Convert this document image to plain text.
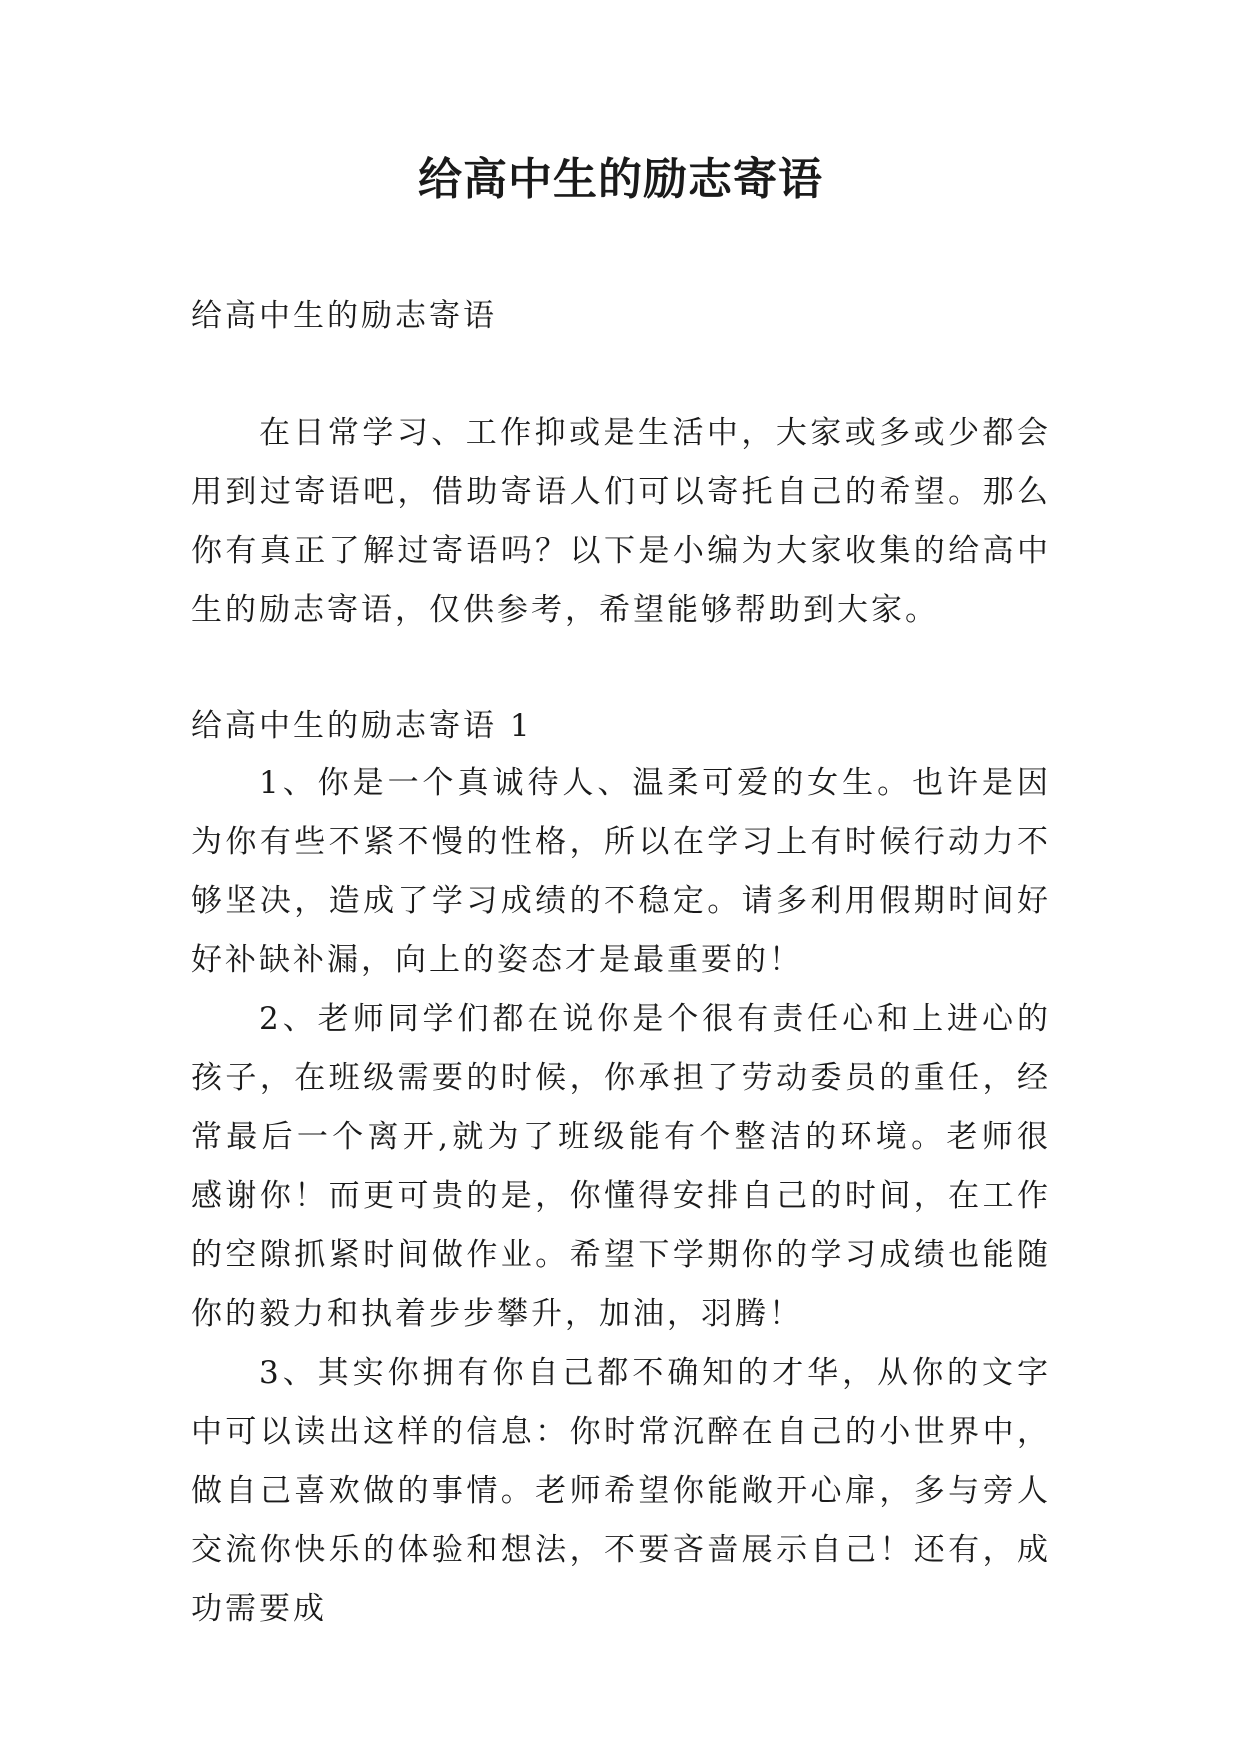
给高中生的励志寄语

给高中生的励志寄语

在日常学习、工作抑或是生活中，大家或多或少都会用到过寄语吧，借助寄语人们可以寄托自己的希望。那么你有真正了解过寄语吗？以下是小编为大家收集的给高中生的励志寄语，仅供参考，希望能够帮助到大家。

给高中生的励志寄语 1

1、你是一个真诚待人、温柔可爱的女生。也许是因为你有些不紧不慢的性格，所以在学习上有时候行动力不够坚决，造成了学习成绩的不稳定。请多利用假期时间好好补缺补漏，向上的姿态才是最重要的！

2、老师同学们都在说你是个很有责任心和上进心的孩子，在班级需要的时候，你承担了劳动委员的重任，经常最后一个离开,就为了班级能有个整洁的环境。老师很感谢你！而更可贵的是，你懂得安排自己的时间，在工作的空隙抓紧时间做作业。希望下学期你的学习成绩也能随你的毅力和执着步步攀升，加油，羽腾！

3、其实你拥有你自己都不确知的才华，从你的文字中可以读出这样的信息：你时常沉醉在自己的小世界中，做自己喜欢做的事情。老师希望你能敞开心扉，多与旁人交流你快乐的体验和想法，不要吝啬展示自己！还有，成功需要成
